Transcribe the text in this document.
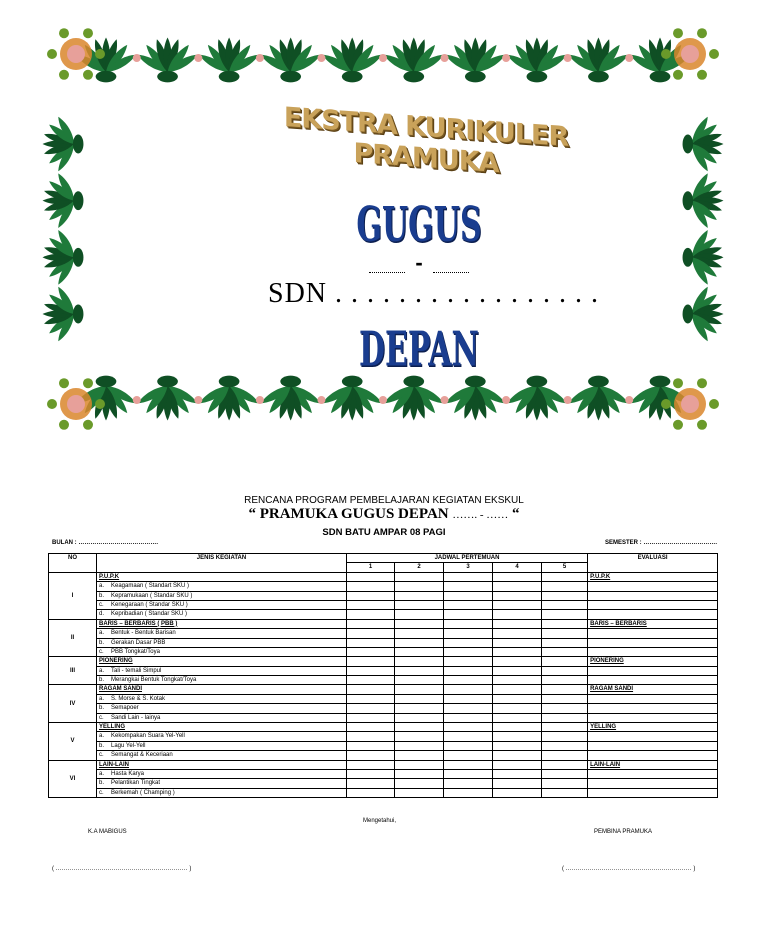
EKSTRA KURIKULER PRAMUKA
GUGUS DEPAN
-
SDN . . . . . . . . . . . . . . . . .
RENCANA PROGRAM PEMBELAJARAN KEGIATAN EKSKUL
“ PRAMUKA GUGUS DEPAN ……. - …… “
SDN BATU AMPAR 08 PAGI
BULAN : ………………………………….	SEMESTER : ……………………………….
NO	JENIS KEGIATAN	JADWAL PERTEMUAN					EVALUASI
		1	2	3	4	5	
I	P.U.P.K						P.U.P.K

	a. Keagamaan ( Standart SKU )						

	b. Kepramukaan ( Standar SKU )						

	c. Kenegaraan ( Standar SKU )						

	d. Kepribadian ( Standar SKU )						

II	BARIS – BERBARIS ( PBB )						BARIS – BERBARIS

	a. Bentuk - Bentuk Barisan						

	b. Gerakan Dasar PBB						

	c. PBB Tongkat/Toya						

III	PIONERING						PIONERING

	a. Tali - temali Simpul						

	b. Merangkai Bentuk Tongkat/Toya						

IV	RAGAM SANDI						RAGAM SANDI

	a. S. Morse & S. Kotak						

	b. Semapoer						

	c. Sandi Lain - lainya						

V	YELLING						YELLING

	a. Kekompakan Suara Yel-Yell						

	b. Lagu Yel-Yell						

	c. Semangat & Keceriaan						

VI	LAIN-LAIN						LAIN-LAIN

	a. Hasta Karya						

	b. Pelantikan Tingkat						

	c. Berkemah ( Champing )						

Mengetahui,
K.A MABIGUS	PEMBINA PRAMUKA
( ………………………………………………………… )	( ……………………………………………………… )
